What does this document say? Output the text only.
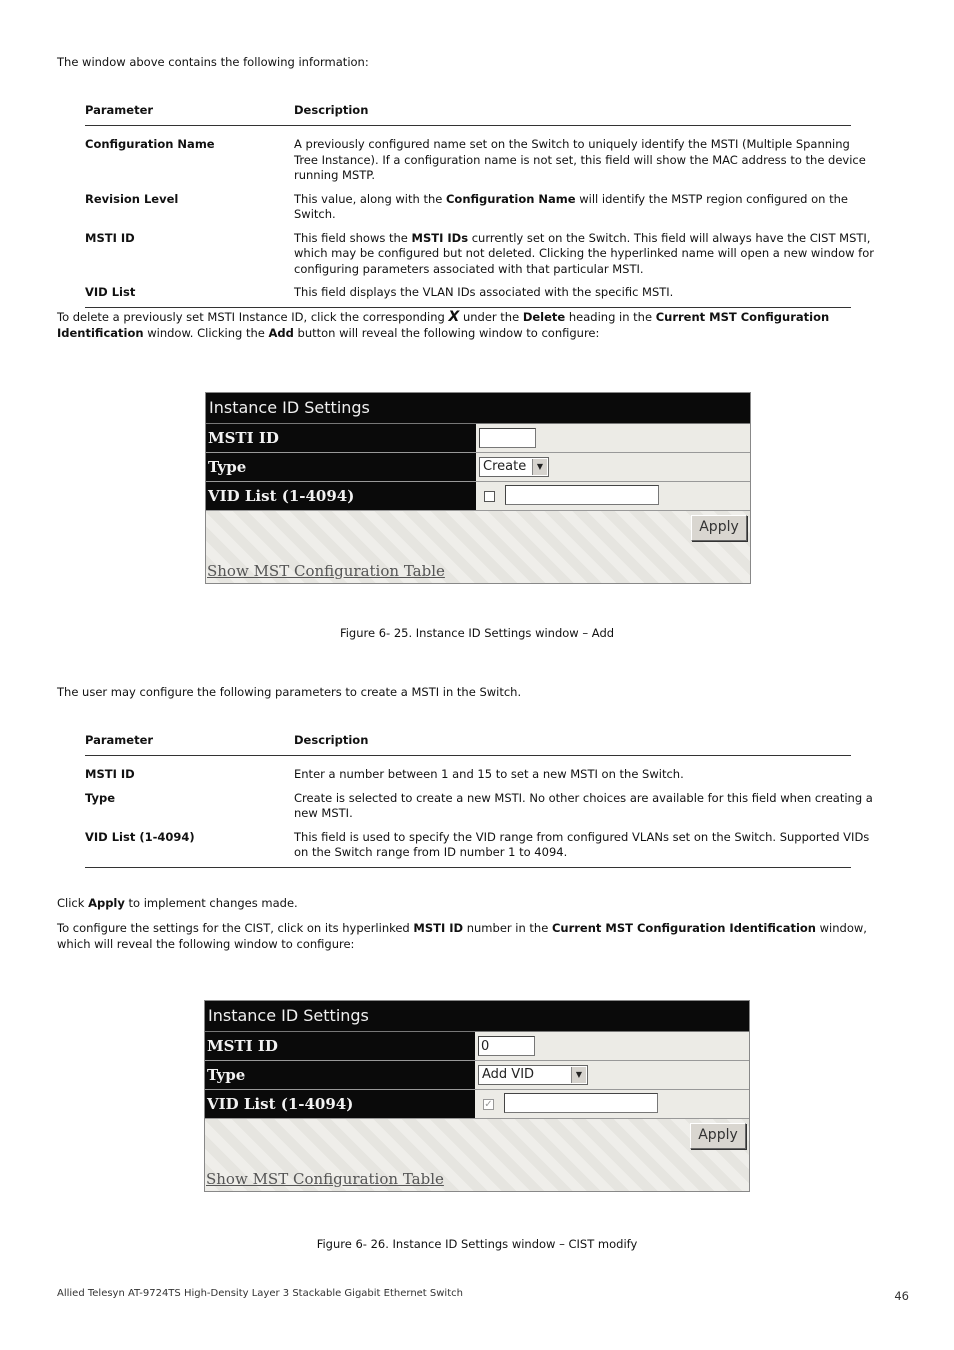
The window above contains the following information:
Parameter	Description
Configuration Name	A previously configured name set on the Switch to uniquely identify the MSTI (Multiple Spanning Tree Instance). If a configuration name is not set, this field will show the MAC address to the device running MSTP.
Revision Level	This value, along with the Configuration Name will identify the MSTP region configured on the Switch.
MSTI ID	This field shows the MSTI IDs currently set on the Switch. This field will always have the CIST MSTI, which may be configured but not deleted. Clicking the hyperlinked name will open a new window for configuring parameters associated with that particular MSTI.
VID List	This field displays the VLAN IDs associated with the specific MSTI.
To delete a previously set MSTI Instance ID, click the corresponding X under the Delete heading in the Current MST Configuration Identification window. Clicking the Add button will reveal the following window to configure:
Instance ID Settings
MSTI ID
Type	Create	▼
VID List (1-4094)
Apply
Show MST Configuration Table
Figure 6- 25. Instance ID Settings window – Add
The user may configure the following parameters to create a MSTI in the Switch.
Parameter	Description
MSTI ID	Enter a number between 1 and 15 to set a new MSTI on the Switch.
Type	Create is selected to create a new MSTI. No other choices are available for this field when creating a new MSTI.
VID List (1-4094)	This field is used to specify the VID range from configured VLANs set on the Switch. Supported VIDs on the Switch range from ID number 1 to 4094.
Click Apply to implement changes made.
To configure the settings for the CIST, click on its hyperlinked MSTI ID number in the Current MST Configuration Identification window, which will reveal the following window to configure:
Instance ID Settings
MSTI ID	0
Type	Add VID	▼
VID List (1-4094)	✓
Apply
Show MST Configuration Table
Figure 6- 26. Instance ID Settings window – CIST modify
Allied Telesyn AT-9724TS High-Density Layer 3 Stackable Gigabit Ethernet Switch	46
